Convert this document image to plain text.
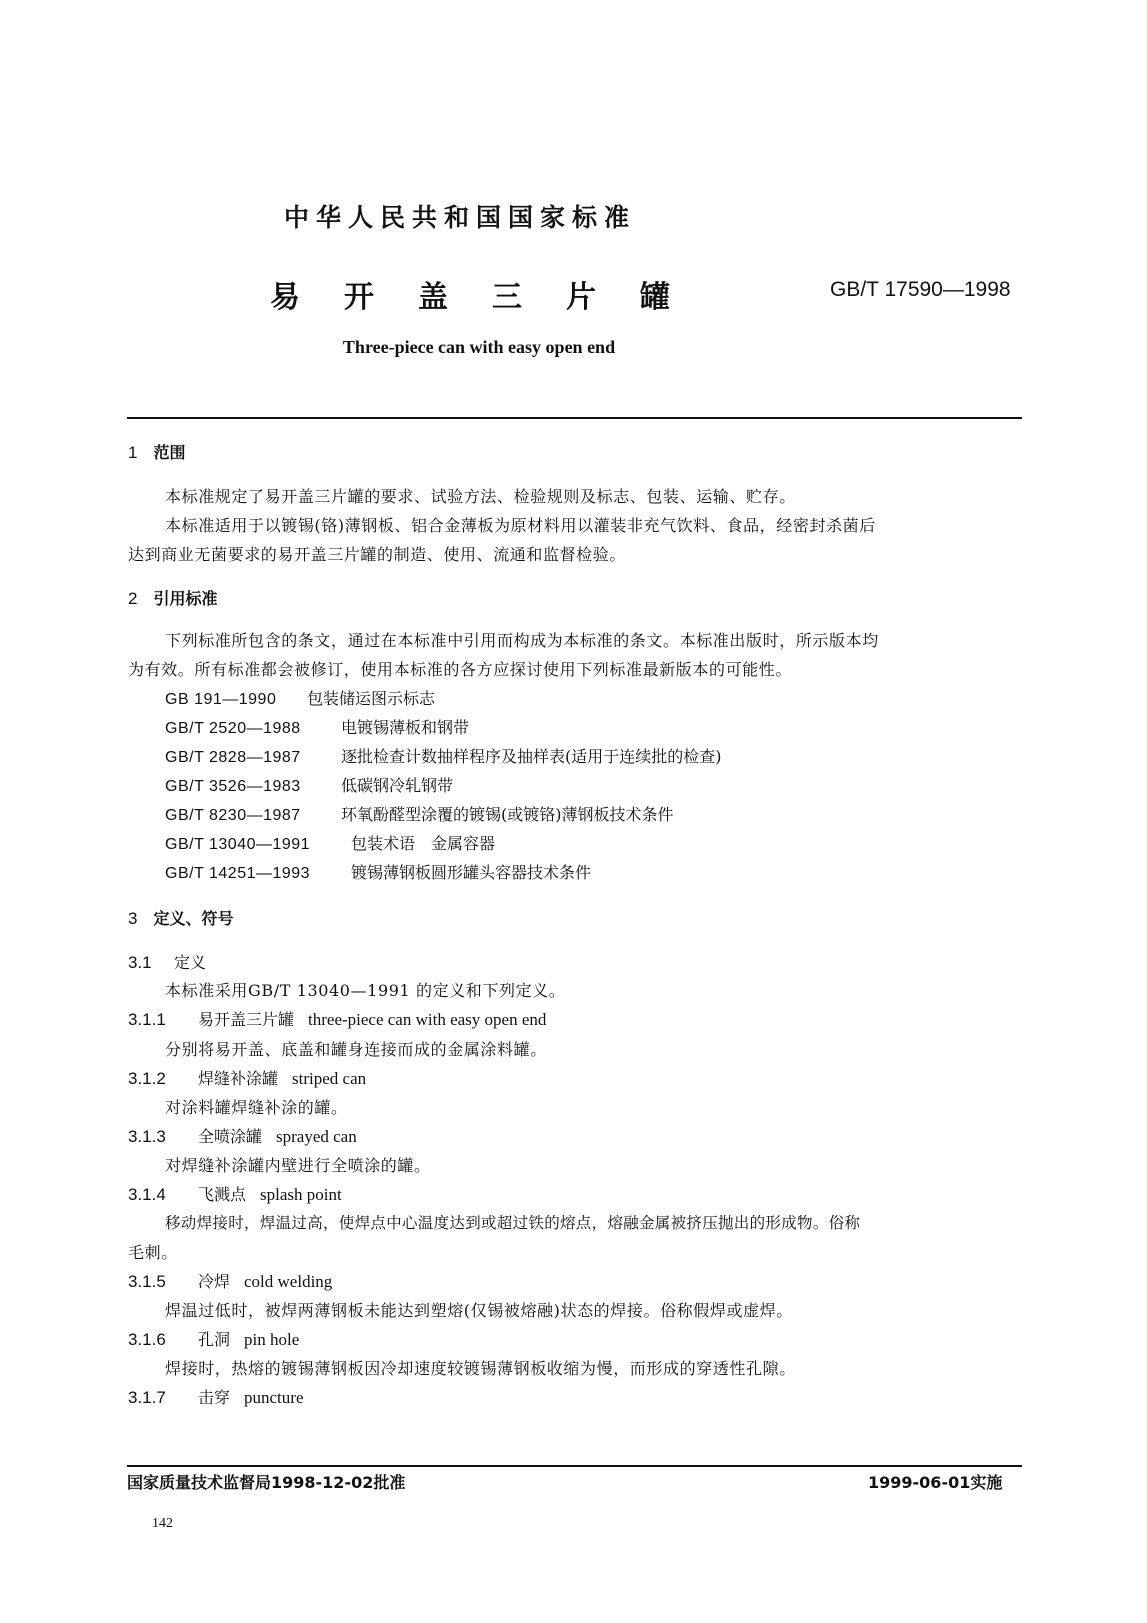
中华人民共和国国家标准
易开盖三片罐	GB/T 17590—1998
Three-piece can with easy open end
1 范围
本标准规定了易开盖三片罐的要求、试验方法、检验规则及标志、包装、运输、贮存。
本标准适用于以镀锡(铬)薄钢板、铝合金薄板为原材料用以灌装非充气饮料、食品，经密封杀菌后
达到商业无菌要求的易开盖三片罐的制造、使用、流通和监督检验。
2 引用标准
下列标准所包含的条文，通过在本标准中引用而构成为本标准的条文。本标准出版时，所示版本均
为有效。所有标准都会被修订，使用本标准的各方应探讨使用下列标准最新版本的可能性。
GB 191—1990 包装储运图示标志
GB/T 2520—1988	电镀锡薄板和钢带
GB/T 2828—1987	逐批检查计数抽样程序及抽样表(适用于连续批的检查)
GB/T 3526—1983	低碳钢冷轧钢带
GB/T 8230—1987	环氧酚醛型涂覆的镀锡(或镀铬)薄钢板技术条件
GB/T 13040—1991	包装术语　金属容器
GB/T 14251—1993	镀锡薄钢板圆形罐头容器技术条件
3 定义、符号
3.1 定义
本标准采用GB/T 13040—1991 的定义和下列定义。
3.1.1 易开盖三片罐 three-piece can with easy open end
分别将易开盖、底盖和罐身连接而成的金属涂料罐。
3.1.2 焊缝补涂罐 striped can
对涂料罐焊缝补涂的罐。
3.1.3 全喷涂罐 sprayed can
对焊缝补涂罐内壁进行全喷涂的罐。
3.1.4 飞溅点 splash point
移动焊接时，焊温过高，使焊点中心温度达到或超过铁的熔点，熔融金属被挤压抛出的形成物。俗称
毛刺。
3.1.5 冷焊 cold welding
焊温过低时，被焊两薄钢板未能达到塑熔(仅锡被熔融)状态的焊接。俗称假焊或虚焊。
3.1.6 孔洞 pin hole
焊接时，热熔的镀锡薄钢板因冷却速度较镀锡薄钢板收缩为慢，而形成的穿透性孔隙。
3.1.7 击穿 puncture
国家质量技术监督局1998-12-02批准	1999-06-01实施
142
